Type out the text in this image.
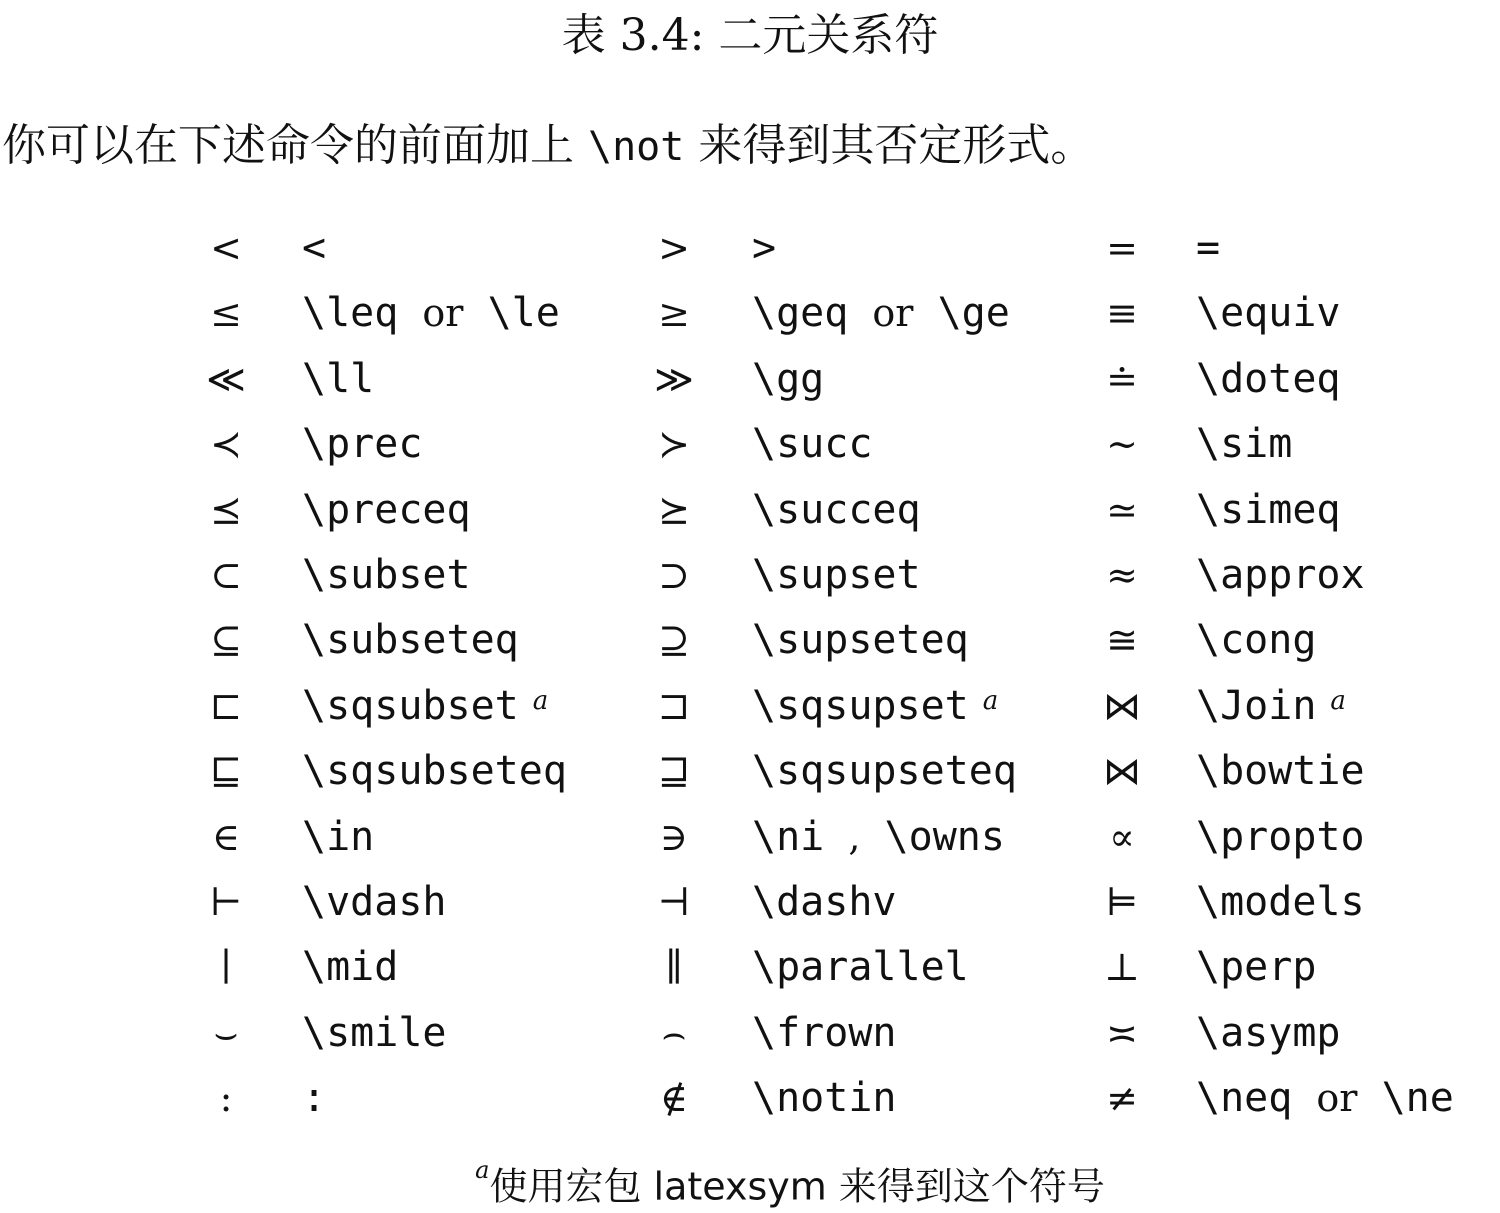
表 3.4: 二元关系符
你可以在下述命令的前面加上 \not 来得到其否定形式。
<	<	>	>	=	=
≤	\leq or \le	≥	\geq or \ge	≡	\equiv
≪	\ll	≫	\gg	≐	\doteq
≺	\prec	≻	\succ	∼	\sim
⪯	\preceq	⪰	\succeq	≃	\simeq
⊂	\subset	⊃	\supset	≈	\approx
⊆	\subseteq	⊇	\supseteq	≅	\cong
⊏	\sqsubset $^a$	⊐	\sqsupset $^a$	⋈	\Join $^a$
⊑	\sqsubseteq	⊒	\sqsupseteq	⋈	\bowtie
∈	\in	∋	\ni , \owns	∝	\propto
⊢	\vdash	⊣	\dashv	⊨	\models
∣	\mid	∥	\parallel	⊥	\perp
⌣	\smile	⌢	\frown	≍	\asymp
:	:	∉	\notin	≠	\neq or \ne
$^a$使用宏包 latexsym 来得到这个符号
